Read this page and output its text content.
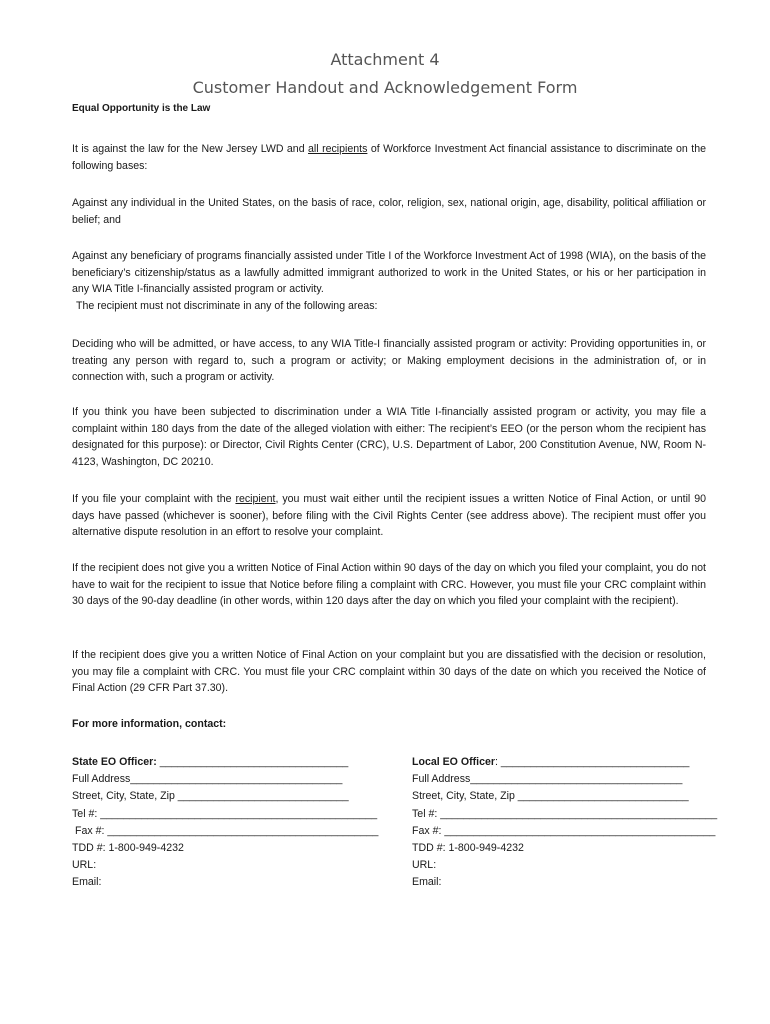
Attachment 4
Customer Handout and Acknowledgement Form
Equal Opportunity is the Law
It is against the law for the New Jersey LWD and all recipients of Workforce Investment Act financial assistance to discriminate on the following bases:
Against any individual in the United States, on the basis of race, color, religion, sex, national origin, age, disability, political affiliation or belief; and
Against any beneficiary of programs financially assisted under Title I of the Workforce Investment Act of 1998 (WIA), on the basis of the beneficiary’s citizenship/status as a lawfully admitted immigrant authorized to work in the United States, or his or her participation in any WIA Title I-financially assisted program or activity.
The recipient must not discriminate in any of the following areas:
Deciding who will be admitted, or have access, to any WIA Title-I financially assisted program or activity: Providing opportunities in, or treating any person with regard to, such a program or activity; or Making employment decisions in the administration of, or in connection with, such a program or activity.
If you think you have been subjected to discrimination under a WIA Title I-financially assisted program or activity, you may file a complaint within 180 days from the date of the alleged violation with either: The recipient’s EEO (or the person whom the recipient has designated for this purpose): or Director, Civil Rights Center (CRC), U.S. Department of Labor, 200 Constitution Avenue, NW, Room N-4123, Washington, DC 20210.
If you file your complaint with the recipient, you must wait either until the recipient issues a written Notice of Final Action, or until 90 days have passed (whichever is sooner), before filing with the Civil Rights Center (see address above). The recipient must offer you alternative dispute resolution in an effort to resolve your complaint.
If the recipient does not give you a written Notice of Final Action within 90 days of the day on which you filed your complaint, you do not have to wait for the recipient to issue that Notice before filing a complaint with CRC. However, you must file your CRC complaint within 30 days of the 90-day deadline (in other words, within 120 days after the day on which you filed your complaint with the recipient).
If the recipient does give you a written Notice of Final Action on your complaint but you are dissatisfied with the decision or resolution, you may file a complaint with CRC. You must file your CRC complaint within 30 days of the date on which you received the Notice of Final Action (29 CFR Part 37.30).
For more information, contact:
State EO Officer: ________________________________
Full Address____________________________________
Street, City, State, Zip _____________________________
Tel #: _______________________________________________
Fax #: ______________________________________________
TDD #: 1-800-949-4232
URL:
Email:
Local EO Officer: ________________________________
Full Address____________________________________
Street, City, State, Zip _____________________________
Tel #: _______________________________________________
Fax #: ______________________________________________
TDD #: 1-800-949-4232
URL:
Email:
